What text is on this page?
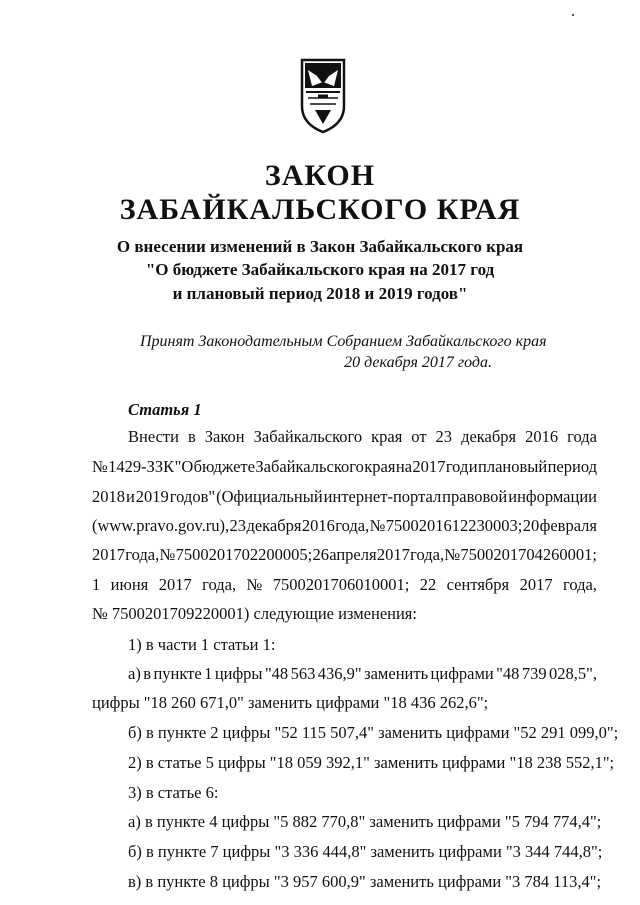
ЗАКОН
ЗАБАЙКАЛЬСКОГО КРАЯ
О внесении изменений в Закон Забайкальского края
"О бюджете Забайкальского края на 2017 год
и плановый период 2018 и 2019 годов"
Принят Законодательным Собранием Забайкальского края
20 декабря 2017 года.
Статья 1
Внести в Закон Забайкальского края от 23 декабря 2016 года
№ 1429-ЗЗК "О бюджете Забайкальского края на 2017 год и плановый период
2018 и 2019 годов" (Официальный интернет-портал правовой информации
(www.pravo.gov.ru), 23 декабря 2016 года, № 7500201612230003; 20 февраля
2017 года, № 7500201702200005; 26 апреля 2017 года, № 7500201704260001;
1 июня 2017 года, № 7500201706010001; 22 сентября 2017 года,
№ 7500201709220001) следующие изменения:
1) в части 1 статьи 1:
а) в пункте 1 цифры "48 563 436,9" заменить цифрами "48 739 028,5",
цифры "18 260 671,0" заменить цифрами "18 436 262,6";
б) в пункте 2 цифры "52 115 507,4" заменить цифрами "52 291 099,0";
2) в статье 5 цифры "18 059 392,1" заменить цифрами "18 238 552,1";
3) в статье 6:
а) в пункте 4 цифры "5 882 770,8" заменить цифрами "5 794 774,4";
б) в пункте 7 цифры "3 336 444,8" заменить цифрами "3 344 744,8";
в) в пункте 8 цифры "3 957 600,9" заменить цифрами "3 784 113,4";
